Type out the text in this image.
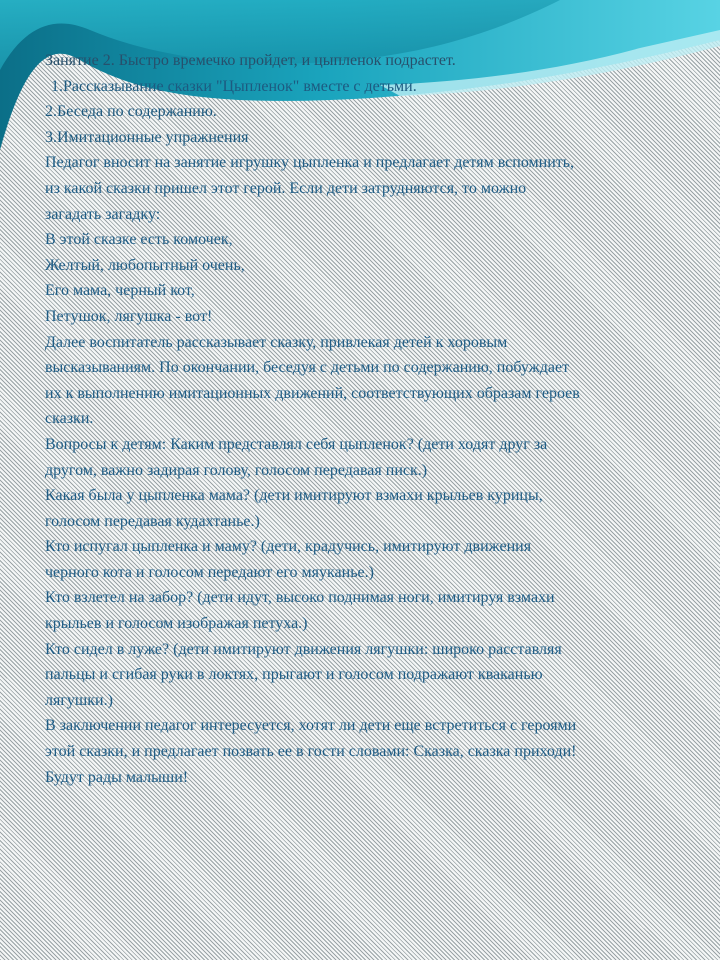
Занятие 2. Быстро времечко пройдет, и цыпленок подрастет.
1.Рассказывание сказки "Цыпленок" вместе с детьми.
2.Беседа по содержанию.
3.Имитационные упражнения
Педагог вносит на занятие игрушку цыпленка и предлагает детям вспомнить,
из какой сказки пришел этот герой. Если дети затрудняются, то можно
загадать загадку:
В этой сказке есть комочек,
Желтый, любопытный очень,
Его мама, черный кот,
Петушок, лягушка - вот!
Далее воспитатель рассказывает сказку, привлекая детей к хоровым
высказываниям. По окончании, беседуя с детьми по содержанию, побуждает
их к выполнению имитационных движений, соответствующих образам героев
сказки.
Вопросы к детям: Каким представлял себя цыпленок? (дети ходят друг за
другом, важно задирая голову, голосом передавая писк.)
Какая была у цыпленка мама? (дети имитируют взмахи крыльев курицы,
голосом передавая кудахтанье.)
Кто испугал цыпленка и маму? (дети, крадучись, имитируют движения
черного кота и голосом передают его мяуканье.)
Кто взлетел на забор? (дети идут, высоко поднимая ноги, имитируя взмахи
крыльев и голосом изображая петуха.)
Кто сидел в луже? (дети имитируют движения лягушки: широко расставляя
пальцы и сгибая руки в локтях, прыгают и голосом подражают кваканью
лягушки.)
В заключении педагог интересуется, хотят ли дети еще встретиться с героями
этой сказки, и предлагает позвать ее в гости словами: Сказка, сказка приходи!
Будут рады малыши!
